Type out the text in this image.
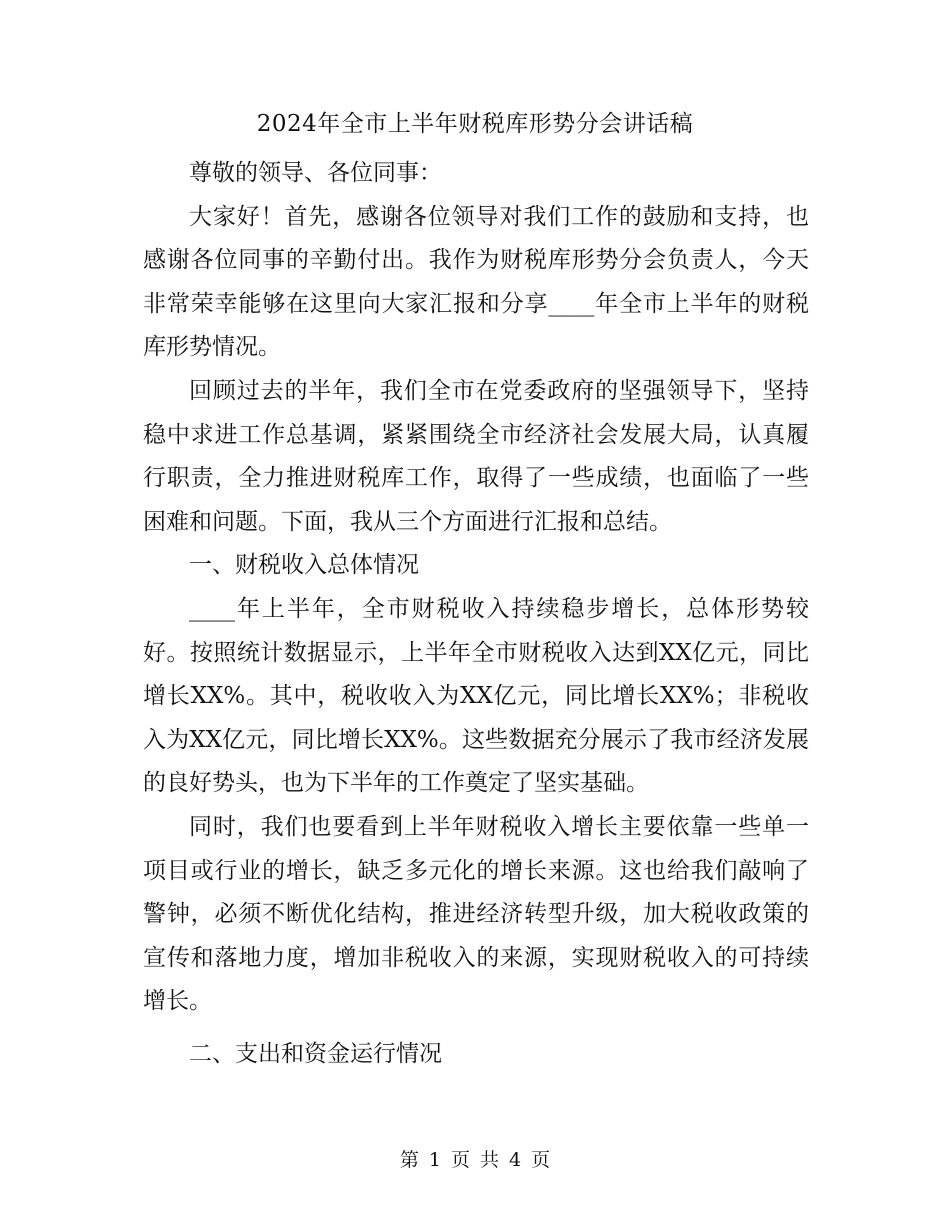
2024年全市上半年财税库形势分会讲话稿

尊敬的领导、各位同事：

大家好！首先，感谢各位领导对我们工作的鼓励和支持，也感谢各位同事的辛勤付出。我作为财税库形势分会负责人，今天非常荣幸能够在这里向大家汇报和分享____年全市上半年的财税库形势情况。

回顾过去的半年，我们全市在党委政府的坚强领导下，坚持稳中求进工作总基调，紧紧围绕全市经济社会发展大局，认真履行职责，全力推进财税库工作，取得了一些成绩，也面临了一些困难和问题。下面，我从三个方面进行汇报和总结。

一、财税收入总体情况

____年上半年，全市财税收入持续稳步增长，总体形势较好。按照统计数据显示，上半年全市财税收入达到XX亿元，同比增长XX%。其中，税收收入为XX亿元，同比增长XX%；非税收入为XX亿元，同比增长XX%。这些数据充分展示了我市经济发展的良好势头，也为下半年的工作奠定了坚实基础。

同时，我们也要看到上半年财税收入增长主要依靠一些单一项目或行业的增长，缺乏多元化的增长来源。这也给我们敲响了警钟，必须不断优化结构，推进经济转型升级，加大税收政策的宣传和落地力度，增加非税收入的来源，实现财税收入的可持续增长。

二、支出和资金运行情况

第 1 页 共 4 页
